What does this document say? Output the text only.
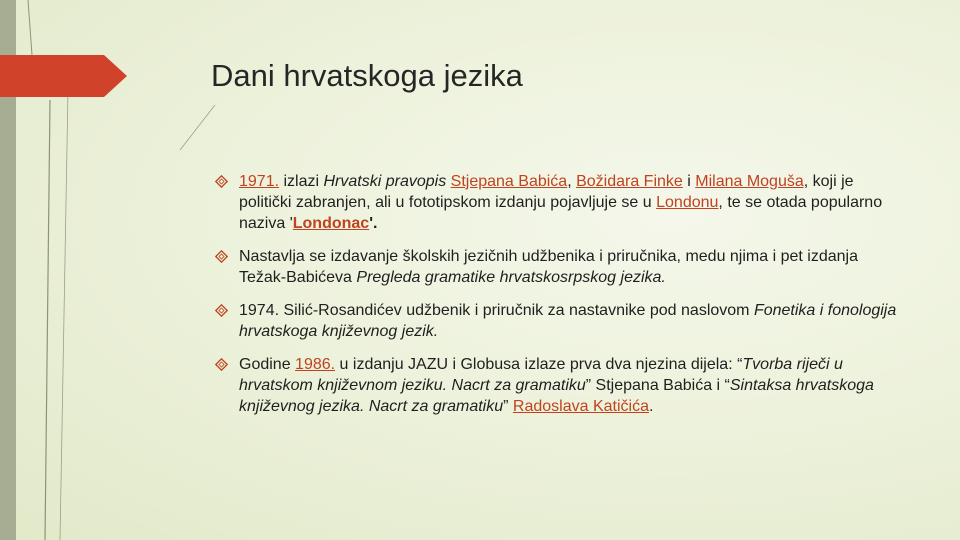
Dani hrvatskoga jezika
1971. izlazi Hrvatski pravopis Stjepana Babića, Božidara Finke i Milana Moguša, koji je politički zabranjen, ali u fototipskom izdanju pojavljuje se u Londonu, te se otada popularno naziva 'Londonac'.
Nastavlja se izdavanje školskih jezičnih udžbenika i priručnika, medu njima i pet izdanja Težak-Babićeva Pregleda gramatike hrvatskosrpskog jezika.
1974. Silić-Rosandićev udžbenik i priručnik za nastavnike pod naslovom Fonetika i fonologija hrvatskoga književnog jezik.
Godine 1986. u izdanju JAZU i Globusa izlaze prva dva njezina dijela: “Tvorba riječi u hrvatskom književnom jeziku. Nacrt za gramatiku” Stjepana Babića i “Sintaksa hrvatskoga književnog jezika. Nacrt za gramatiku” Radoslava Katičića.
